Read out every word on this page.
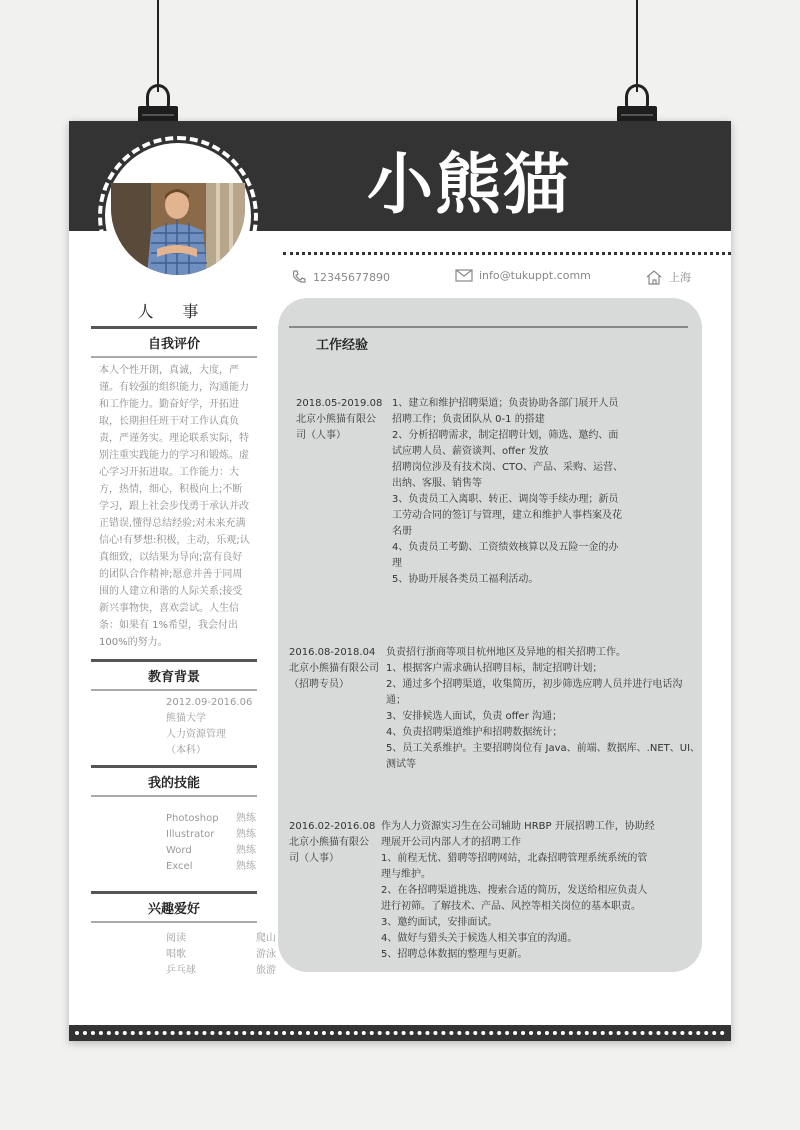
小熊猫
12345677890	info@tukuppt.comm	上海
人 事
自我评价
本人个性开朗，真诚，大度，严谨。有较强的组织能力，沟通能力和工作能力。勤奋好学，开拓进取，长期担任班干对工作认真负责，严谨务实。理论联系实际，特别注重实践能力的学习和锻炼。虚心学习开拓进取。工作能力：大方，热情，细心，积极向上;不断学习，跟上社会步伐勇于承认并改正错误,懂得总结经验;对未来充满信心!有梦想:积极，主动，乐观;认真细致，以结果为导向;富有良好的团队合作精神;愿意并善于同周围的人建立和谐的人际关系;接受新兴事物快，喜欢尝试。人生信条：如果有 1%希望，我会付出 100%的努力。
教育背景
2012.09-2016.06
熊猫大学
人力资源管理
（本科）
我的技能
Photoshop	熟练
Illustrator	熟练
Word	熟练
Excel	熟练
兴趣爱好
阅读	爬山
唱歌	游泳
乒乓球	旅游
工作经验
2018.05-2019.08
北京小熊猫有限公
司（人事）
1、建立和维护招聘渠道；负责协助各部门展开人员
招聘工作；负责团队从 0-1 的搭建
2、分析招聘需求，制定招聘计划，筛选、邀约、面
试应聘人员、薪资谈判、offer 发放
招聘岗位涉及有技术岗、CTO、产品、采购、运营、
出纳、客服、销售等
3、负责员工入离职、转正、调岗等手续办理；新员
工劳动合同的签订与管理，建立和维护人事档案及花
名册
4、负责员工考勤、工资绩效核算以及五险一金的办
理
5、协助开展各类员工福利活动。
2016.08-2018.04
北京小熊猫有限公司
（招聘专员）
负责招行浙商等项目杭州地区及异地的相关招聘工作。
1、根据客户需求确认招聘目标，制定招聘计划；
2、通过多个招聘渠道，收集简历，初步筛选应聘人员并进行电话沟
通；
3、安排候选人面试，负责 offer 沟通；
4、负责招聘渠道维护和招聘数据统计；
5、员工关系维护。主要招聘岗位有 Java、前端、数据库、.NET、UI、
测试等
2016.02-2016.08
北京小熊猫有限公
司（人事）
作为人力资源实习生在公司辅助 HRBP 开展招聘工作，协助经
理展开公司内部人才的招聘工作
1、前程无忧、猎聘等招聘网站，北森招聘管理系统系统的管
理与维护。
2、在各招聘渠道挑选、搜索合适的简历，发送给相应负责人
进行初筛。了解技术、产品、风控等相关岗位的基本职责。
3、邀约面试，安排面试。
4、做好与猎头关于候选人相关事宜的沟通。
5、招聘总体数据的整理与更新。
